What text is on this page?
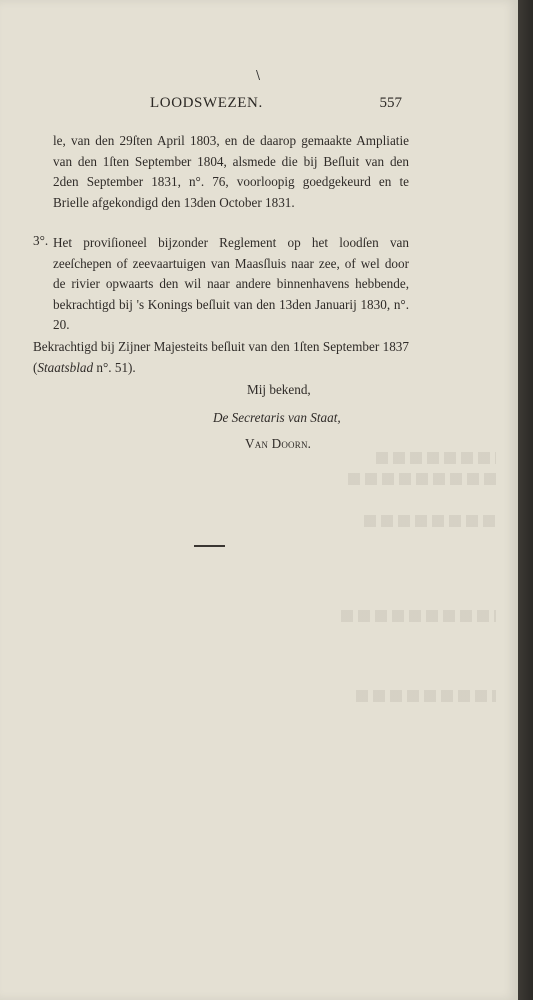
\
LOODSWEZEN.	557
le, van den 29ſten April 1803, en de daarop gemaakte Ampliatie van den 1ſten September 1804, alsmede die bij Beſluit van den 2den September 1831, n°. 76, voorloopig goedgekeurd en te Brielle afgekondigd den 13den October 1831.
3°. Het proviſioneel bijzonder Reglement op het loodſen van zeeſchepen of zeevaartuigen van Maasſluis naar zee, of wel door de rivier opwaarts den wil naar andere binnenhavens hebbende, bekrachtigd bij 's Konings beſluit van den 13den Januarij 1830, n°. 20.
Bekrachtigd bij Zijner Majesteits beſluit van den 1ſten September 1837 (Staatsblad n°. 51).
Mij bekend,
De Secretaris van Staat,
Van Doorn.
